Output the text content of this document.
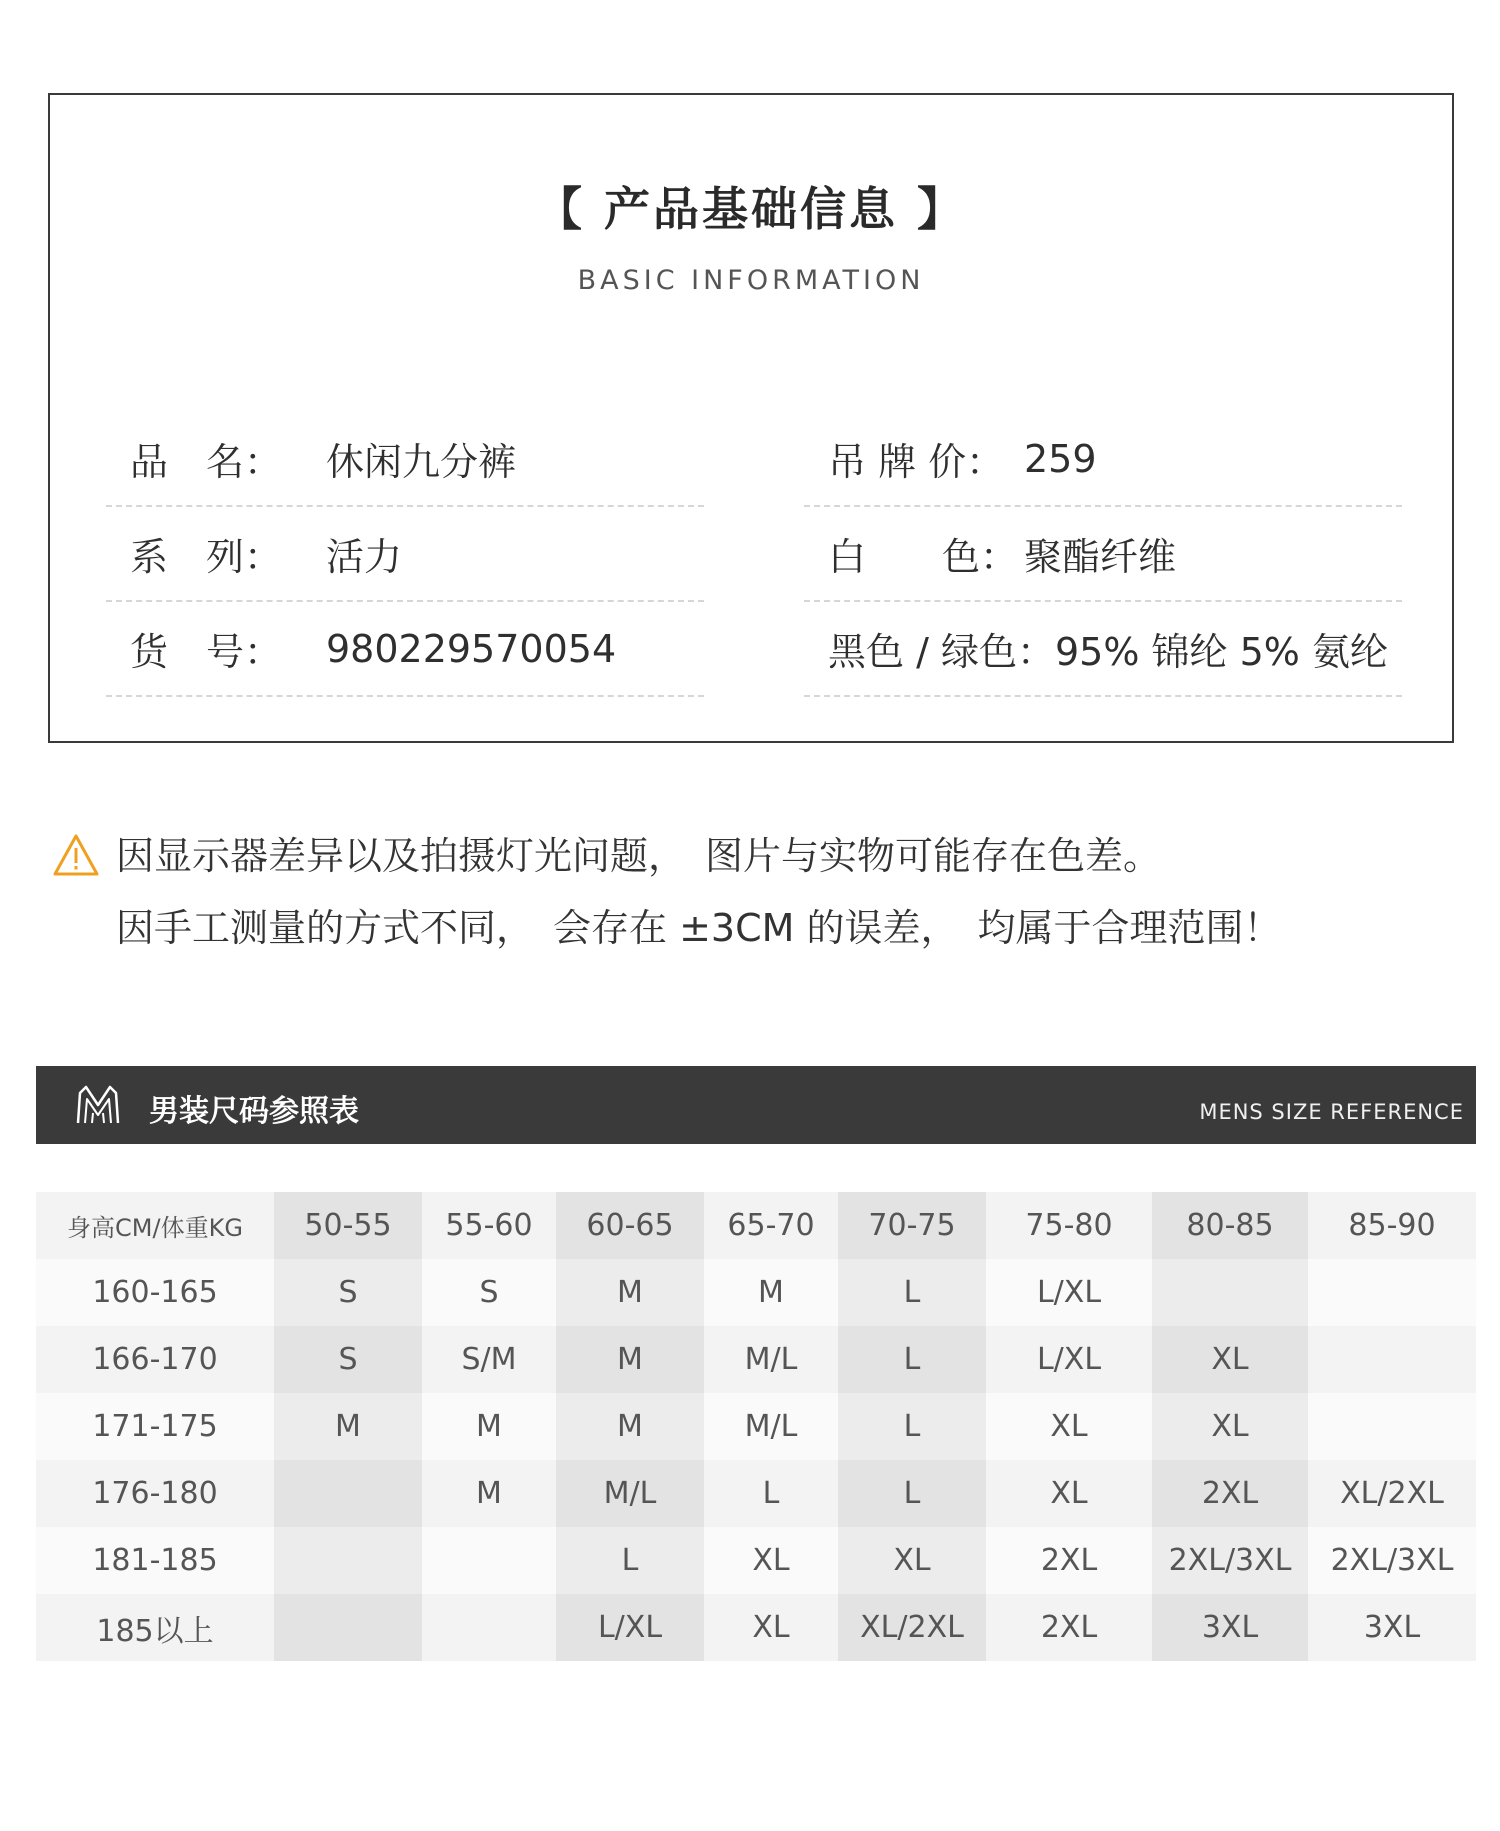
【 产品基础信息 】
BASIC INFORMATION
品　名：	休闲九分裤
系　列：	活力
货　号：	980229570054
吊 牌 价： 259
白　　色： 聚酯纤维
黑色 / 绿色： 95% 锦纶 5% 氨纶
因显示器差异以及拍摄灯光问题，　图片与实物可能存在色差。
因手工测量的方式不同，　会存在 ±3CM 的误差，　均属于合理范围！
男装尺码参照表	MENS SIZE REFERENCE
身高CM/体重KG	50-55	55-60	60-65	65-70	70-75	75-80	80-85	85-90
160-165	S	S	M	M	L	L/XL		
166-170	S	S/M	M	M/L	L	L/XL	XL	
171-175	M	M	M	M/L	L	XL	XL	
176-180		M	M/L	L	L	XL	2XL	XL/2XL
181-185			L	XL	XL	2XL	2XL/3XL	2XL/3XL
185以上			L/XL	XL	XL/2XL	2XL	3XL	3XL
